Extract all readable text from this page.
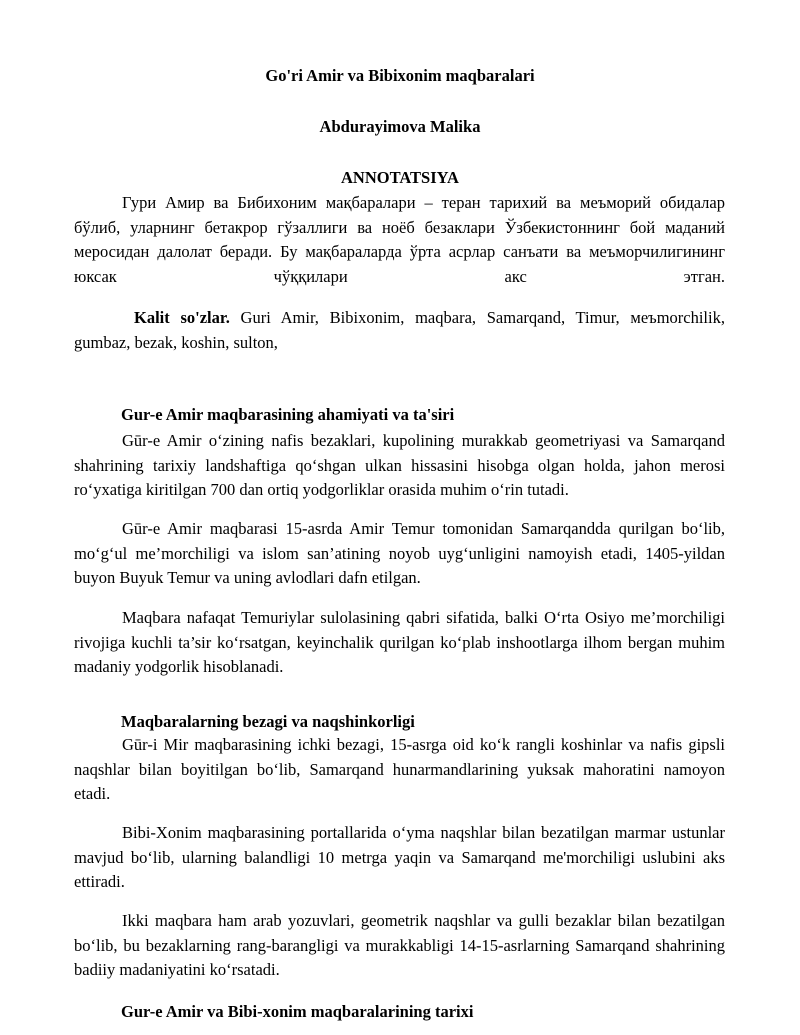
Go'ri Amir va Bibixonim maqbaralari
Abdurayimova Malika
ANNOTATSIYA

Гури Амир ва Бибихоним мақбаралари – теран тарихий ва меъморий обидалар бўлиб, уларнинг бетакрор гўзаллиги ва ноёб безаклари Ўзбекистоннинг бой маданий меросидан далолат беради. Бу мақбараларда ўрта асрлар санъати ва меъморчилигининг юксак чўққилари акс этган.

Kalit so'zlar. Guri Amir, Bibixonim, maqbara, Samarqand, Timur, меъmorchilik, gumbaz, bezak, koshin, sulton,

Gur-e Amir maqbarasining ahamiyati va ta'siri

Gūr-e Amir oʻzining nafis bezaklari, kupolining murakkab geometriyasi va Samarqand shahrining tarixiy landshaftiga qoʻshgan ulkan hissasini hisobga olgan holda, jahon merosi roʻyxatiga kiritilgan 700 dan ortiq yodgorliklar orasida muhim oʻrin tutadi.

Gūr-e Amir maqbarasi 15-asrda Amir Temur tomonidan Samarqandda qurilgan boʻlib, moʻgʻul me’morchiligi va islom san’atining noyob uygʻunligini namoyish etadi, 1405-yildan buyon Buyuk Temur va uning avlodlari dafn etilgan.

Maqbara nafaqat Temuriylar sulolasining qabri sifatida, balki Oʻrta Osiyo me’morchiligi rivojiga kuchli ta’sir koʻrsatgan, keyinchalik qurilgan koʻplab inshootlarga ilhom bergan muhim madaniy yodgorlik hisoblanadi.

Maqbaralarning bezagi va naqshinkorligi

Gūr-i Mir maqbarasining ichki bezagi, 15-asrga oid koʻk rangli koshinlar va nafis gipsli naqshlar bilan boyitilgan boʻlib, Samarqand hunarmandlarining yuksak mahoratini namoyon etadi.

Bibi-Xonim maqbarasining portallarida oʻyma naqshlar bilan bezatilgan marmar ustunlar mavjud boʻlib, ularning balandligi 10 metrga yaqin va Samarqand me'morchiligi uslubini aks ettiradi.

Ikki maqbara ham arab yozuvlari, geometrik naqshlar va gulli bezaklar bilan bezatilgan boʻlib, bu bezaklarning rang-barangligi va murakkabligi 14-15-asrlarning Samarqand shahrining badiiy madaniyatini koʻrsatadi.

Gur-e Amir va Bibi-xonim maqbaralarining tarixi
